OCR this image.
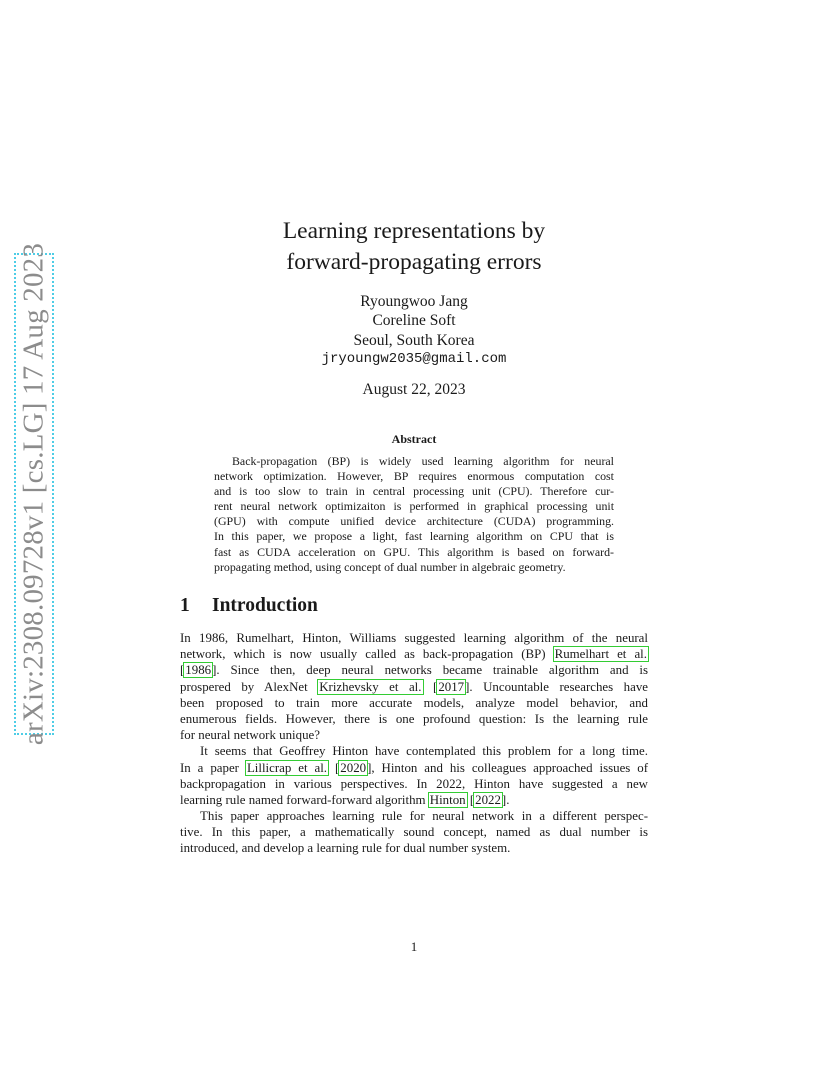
arXiv:2308.09728v1 [cs.LG] 17 Aug 2023
Learning representations by
forward-propagating errors
Ryoungwoo Jang
Coreline Soft
Seoul, South Korea
jryoungw2035@gmail.com
August 22, 2023
Abstract
Back-propagation (BP) is widely used learning algorithm for neural
network optimization. However, BP requires enormous computation cost
and is too slow to train in central processing unit (CPU). Therefore cur-
rent neural network optimizaiton is performed in graphical processing unit
(GPU) with compute unified device architecture (CUDA) programming.
In this paper, we propose a light, fast learning algorithm on CPU that is
fast as CUDA acceleration on GPU. This algorithm is based on forward-
propagating method, using concept of dual number in algebraic geometry.
1 Introduction
In 1986, Rumelhart, Hinton, Williams suggested learning algorithm of the neural
network, which is now usually called as back-propagation (BP) Rumelhart et al.
[1986]. Since then, deep neural networks became trainable algorithm and is
prospered by AlexNet Krizhevsky et al. [2017]. Uncountable researches have
been proposed to train more accurate models, analyze model behavior, and
enumerous fields. However, there is one profound question: Is the learning rule
for neural network unique?
It seems that Geoffrey Hinton have contemplated this problem for a long time.
In a paper Lillicrap et al. [2020], Hinton and his colleagues approached issues of
backpropagation in various perspectives. In 2022, Hinton have suggested a new
learning rule named forward-forward algorithm Hinton [2022].
This paper approaches learning rule for neural network in a different perspec-
tive. In this paper, a mathematically sound concept, named as dual number is
introduced, and develop a learning rule for dual number system.
1
